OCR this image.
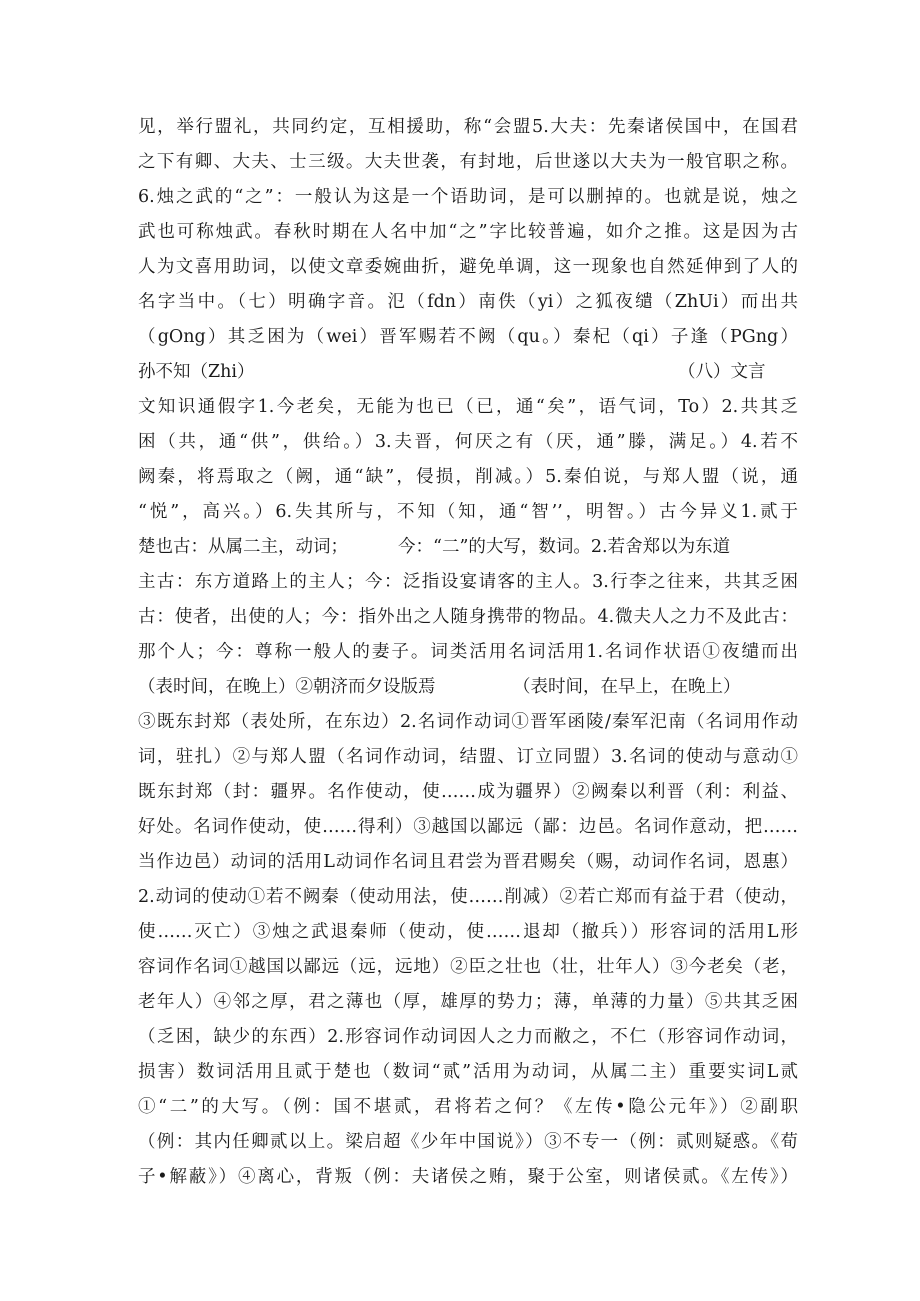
见，举行盟礼，共同约定，互相援助，称“会盟5.大夫：先秦诸侯国中，在国君
之下有卿、大夫、士三级。大夫世袭，有封地，后世遂以大夫为一般官职之称。
6.烛之武的“之”：一般认为这是一个语助词，是可以删掉的。也就是说，烛之
武也可称烛武。春秋时期在人名中加“之”字比较普遍，如介之推。这是因为古
人为文喜用助词，以使文章委婉曲折，避免单调，这一现象也自然延伸到了人的
名字当中。（七）明确字音。氾（fdn）南佚（yi）之狐夜缱（ZhUi）而出共
（gOng）其乏困为（wei）晋军赐若不阙（qu。）秦杞（qi）子逢（PGng）
孙不知（Zhi）	（八）文言
文知识通假字1.今老矣，无能为也已（已，通“矣”，语气词，To）2.共其乏
困（共，通“供”，供给。）3.夫晋，何厌之有（厌，通”滕，满足。）4.若不
阙秦，将焉取之（阙，通“缺”，侵损，削减。）5.秦伯说，与郑人盟（说，通
“悦”，高兴。）6.失其所与，不知（知，通“智’’，明智。）古今异义1.贰于
楚也古：从属二主，动词；	今：“二”的大写，数词。2.若舍郑以为东道
主古：东方道路上的主人；今：泛指设宴请客的主人。3.行李之往来，共其乏困
古：使者，出使的人；今：指外出之人随身携带的物品。4.微夫人之力不及此古：
那个人；今：尊称一般人的妻子。词类活用名词活用1.名词作状语①夜缱而出
（表时间，在晚上）②朝济而夕设版焉	（表时间，在早上，在晚上）
③既东封郑（表处所，在东边）2.名词作动词①晋军函陵/秦军汜南（名词用作动
词，驻扎）②与郑人盟（名词作动词，结盟、订立同盟）3.名词的使动与意动①
既东封郑（封：疆界。名作使动，使……成为疆界）②阙秦以利晋（利：利益、
好处。名词作使动，使……得利）③越国以鄙远（鄙：边邑。名词作意动，把……
当作边邑）动词的活用L动词作名词且君尝为晋君赐矣（赐，动词作名词，恩惠）
2.动词的使动①若不阙秦（使动用法，使……削减）②若亡郑而有益于君（使动，
使……灭亡）③烛之武退秦师（使动，使……退却（撤兵））形容词的活用L形
容词作名词①越国以鄙远（远，远地）②臣之壮也（壮，壮年人）③今老矣（老，
老年人）④邻之厚，君之薄也（厚，雄厚的势力；薄，单薄的力量）⑤共其乏困
（乏困，缺少的东西）2.形容词作动词因人之力而敝之，不仁（形容词作动词，
损害）数词活用且贰于楚也（数词“贰”活用为动词，从属二主）重要实词L贰
①“二”的大写。（例：国不堪贰，君将若之何？《左传•隐公元年》）②副职
（例：其内任卿贰以上。梁启超《少年中国说》）③不专一（例：贰则疑惑。《荀
子•解蔽》）④离心，背叛（例：夫诸侯之贿，聚于公室，则诸侯贰。《左传》）
